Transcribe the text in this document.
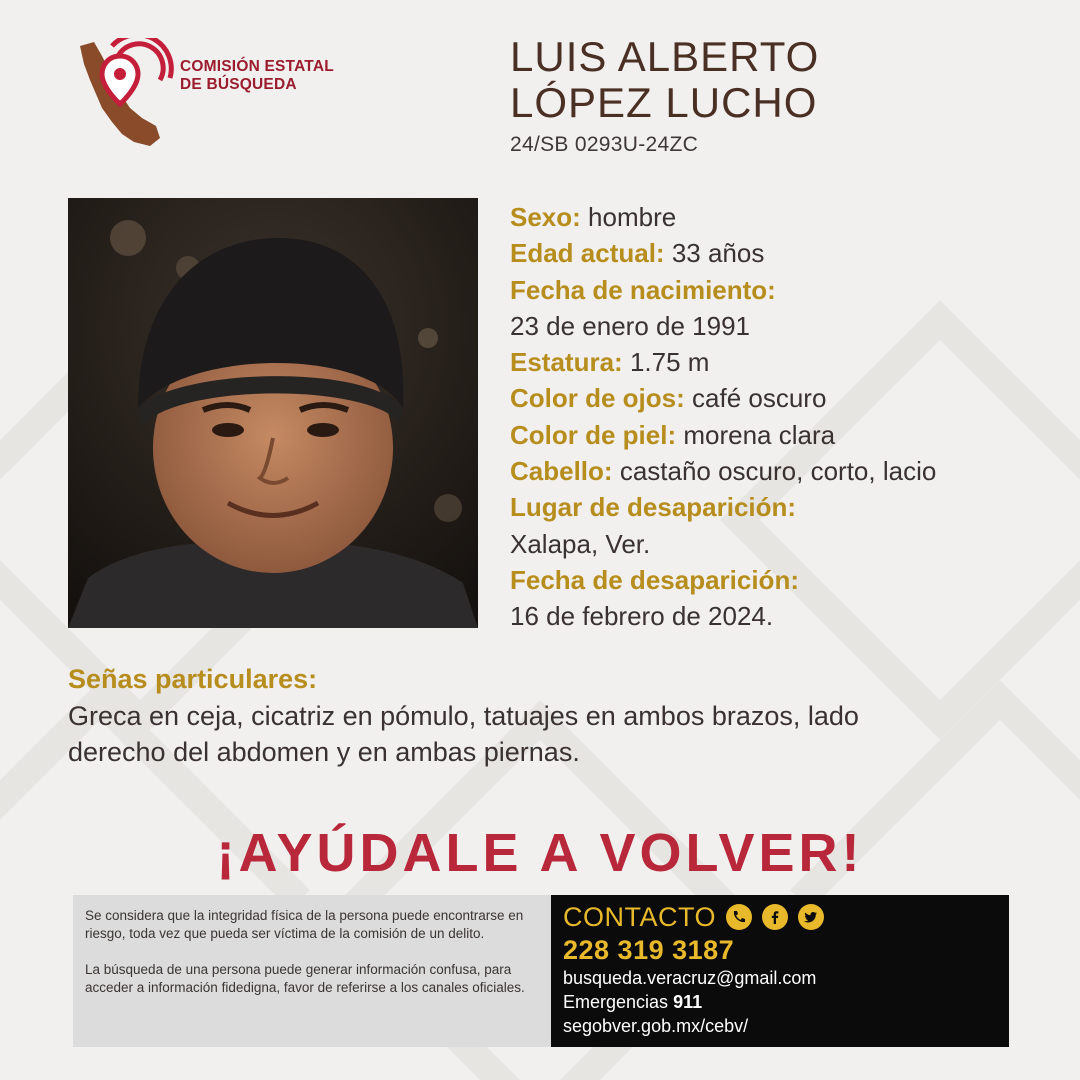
COMISIÓN ESTATAL
DE BÚSQUEDA
LUIS ALBERTO
LÓPEZ LUCHO
24/SB 0293U-24ZC
Sexo: hombre
Edad actual: 33 años
Fecha de nacimiento:
23 de enero de 1991
Estatura: 1.75 m
Color de ojos: café oscuro
Color de piel: morena clara
Cabello: castaño oscuro, corto, lacio
Lugar de desaparición:
Xalapa, Ver.
Fecha de desaparición:
16 de febrero de 2024.
Señas particulares:
Greca en ceja, cicatriz en pómulo, tatuajes en ambos brazos, lado
derecho del abdomen y en ambas piernas.
¡AYÚDALE A VOLVER!

Se considera que la integridad física de la persona puede encontrarse en riesgo, toda vez que pueda ser víctima de la comisión de un delito.

La búsqueda de una persona puede generar información confusa, para acceder a información fidedigna, favor de referirse a los canales oficiales.

CONTACTO
228 319 3187
busqueda.veracruz@gmail.com
Emergencias 911
segobver.gob.mx/cebv/
